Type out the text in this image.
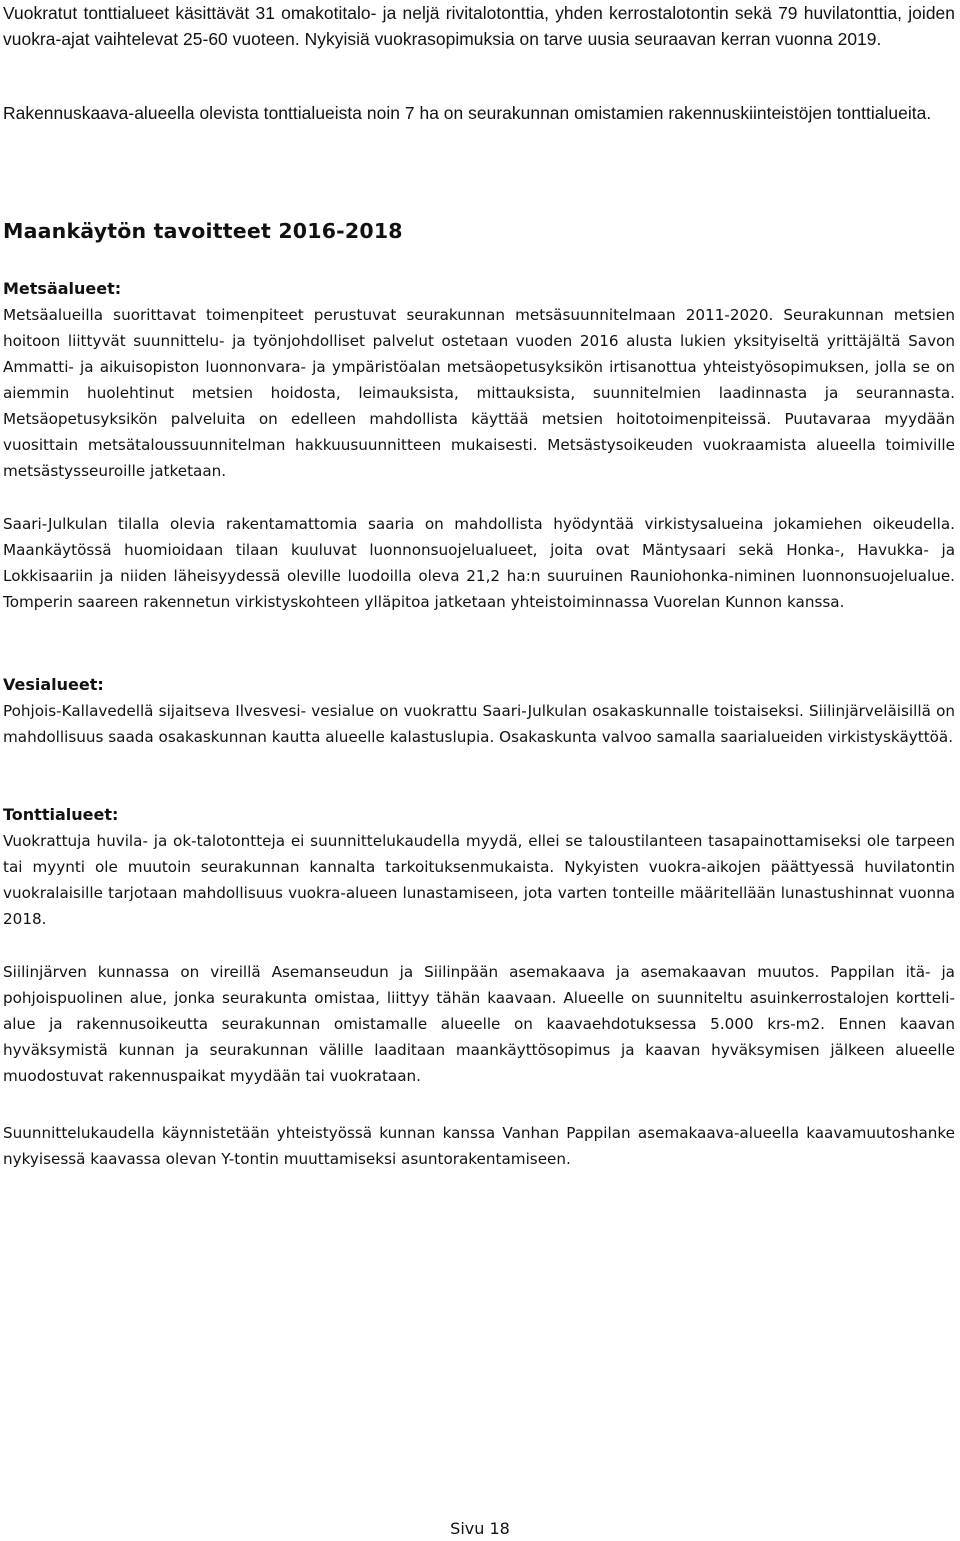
Vuokratut tonttialueet käsittävät 31 omakotitalo- ja neljä rivitalotonttia, yhden kerrostalotontin sekä 79 huvilatonttia, joiden vuokra-ajat vaihtelevat 25-60 vuoteen. Nykyisiä vuokrasopimuksia on tarve uusia seuraavan kerran vuonna 2019.

Rakennuskaava-alueella olevista tonttialueista noin 7 ha on seurakunnan omistamien rakennuskiinteistöjen tonttialueita.

Maankäytön tavoitteet 2016-2018
Metsäalueet:

Metsäalueilla suorittavat toimenpiteet perustuvat seurakunnan metsäsuunnitelmaan 2011-2020. Seurakunnan metsien hoitoon liittyvät suunnittelu- ja työnjohdolliset palvelut ostetaan vuoden 2016 alusta lukien yksityiseltä yrittäjältä Savon Ammatti- ja aikuisopiston luonnonvara- ja ympäristöalan metsäopetusyksikön irtisanottua yhteistyösopimuksen, jolla se on aiemmin huolehtinut metsien hoidosta, leimauksista, mittauksista, suunnitelmien laadinnasta ja seurannasta. Metsäopetusyksikön palveluita on edelleen mahdollista käyttää metsien hoitotoimenpiteissä. Puutavaraa myydään vuosittain metsätaloussuunnitelman hakkuusuunnitteen mukaisesti. Metsästysoikeuden vuokraamista alueella toimiville metsästysseuroille jatketaan.

Saari-Julkulan tilalla olevia rakentamattomia saaria on mahdollista hyödyntää virkistysalueina jokamiehen oikeudella. Maankäytössä huomioidaan tilaan kuuluvat luonnonsuojelualueet, joita ovat Mäntysaari sekä Honka-, Havukka- ja Lokkisaariin ja niiden läheisyydessä oleville luodoilla oleva 21,2 ha:n suuruinen Rauniohonka-niminen luonnonsuojelualue. Tomperin saareen rakennetun virkistyskohteen ylläpitoa jatketaan yhteistoiminnassa Vuorelan Kunnon kanssa.

Vesialueet:

Pohjois-Kallavedellä sijaitseva Ilvesvesi- vesialue on vuokrattu Saari-Julkulan osakaskunnalle toistaiseksi. Siilinjärveläisillä on mahdollisuus saada osakaskunnan kautta alueelle kalastuslupia. Osakaskunta valvoo samalla saarialueiden virkistyskäyttöä.

Tonttialueet:

Vuokrattuja huvila- ja ok-talotontteja ei suunnittelukaudella myydä, ellei se taloustilanteen tasapainottamiseksi ole tarpeen tai myynti ole muutoin seurakunnan kannalta tarkoituksenmukaista. Nykyisten vuokra-aikojen päättyessä huvilatontin vuokralaisille tarjotaan mahdollisuus vuokra-alueen lunastamiseen, jota varten tonteille määritellään lunastushinnat vuonna 2018.

Siilinjärven kunnassa on vireillä Asemanseudun ja Siilinpään asemakaava ja asemakaavan muutos. Pappilan itä- ja pohjoispuolinen alue, jonka seurakunta omistaa, liittyy tähän kaavaan. Alueelle on suunniteltu asuinkerrostalojen korttelialue ja rakennusoikeutta seurakunnan omistamalle alueelle on kaavaehdotuksessa 5.000 krs-m2. Ennen kaavan hyväksymistä kunnan ja seurakunnan välille laaditaan maankäyttösopimus ja kaavan hyväksymisen jälkeen alueelle muodostuvat rakennuspaikat myydään tai vuokrataan.

Suunnittelukaudella käynnistetään yhteistyössä kunnan kanssa Vanhan Pappilan asemakaava-alueella kaavamuutoshanke nykyisessä kaavassa olevan Y-tontin muuttamiseksi asuntorakentamiseen.

Sivu 18
